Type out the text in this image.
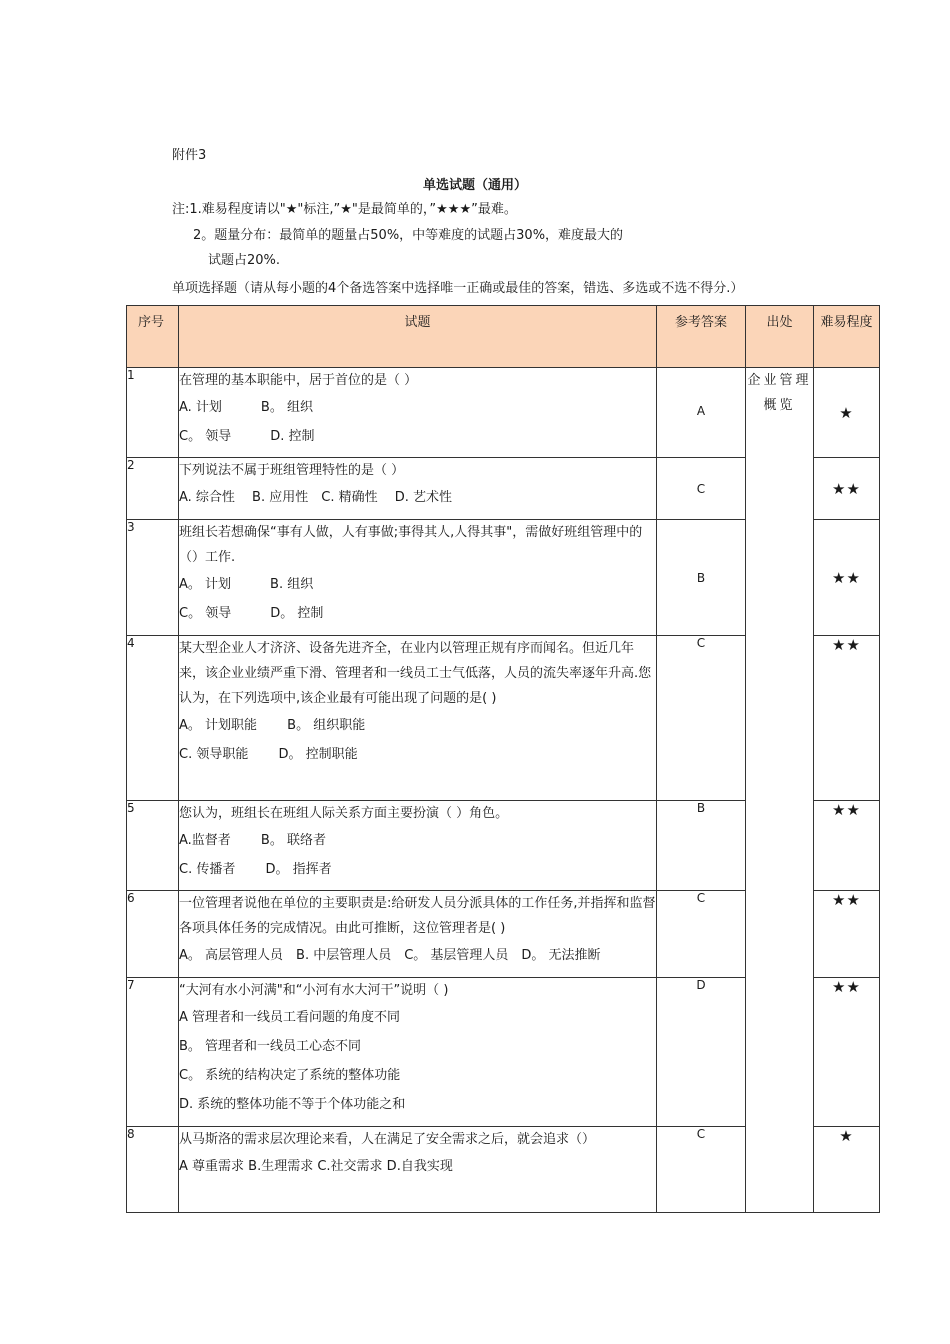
附件3
单选试题（通用）
注:1.难易程度请以"★"标注,”★"是最简单的，”★★★”最难。
2。题量分布：最简单的题量占50%，中等难度的试题占30%，难度最大的
试题占20%.
单项选择题（请从每小题的4个备选答案中选择唯一正确或最佳的答案，错选、多选或不选不得分.）
序号	试题	参考答案	出处	难易程度
1	在管理的基本职能中，居于首位的是（ ）
A. 计划　　　B。 组织
C。 领导　　　D. 控制	A	企业管理概览	★
2	下列说法不属于班组管理特性的是（ ）
A. 综合性　 B. 应用性　C. 精确性　 D. 艺术性	C		★★
3	班组长若想确保“事有人做，人有事做;事得其人,人得其事"，需做好班组管理中的（）工作.
A。 计划　　　B. 组织
C。 领导　　　D。 控制	B		★★
4	某大型企业人才济济、设备先进齐全，在业内以管理正规有序而闻名。但近几年来，该企业业绩严重下滑、管理者和一线员工士气低落，人员的流失率逐年升高.您认为，在下列选项中,该企业最有可能出现了问题的是( )
A。 计划职能　　 B。 组织职能
C. 领导职能　　 D。 控制职能	C		★★
5	您认为，班组长在班组人际关系方面主要扮演（ ）角色。
A.监督者　　 B。 联络者
C. 传播者　　 D。 指挥者	B		★★
6	一位管理者说他在单位的主要职责是:给研发人员分派具体的工作任务,并指挥和监督各项具体任务的完成情况。由此可推断，这位管理者是( )
A。 高层管理人员　B. 中层管理人员　C。 基层管理人员　D。 无法推断	C		★★
7	“大河有水小河满"和“小河有水大河干”说明（ )
A 管理者和一线员工看问题的角度不同
B。 管理者和一线员工心态不同
C。 系统的结构决定了系统的整体功能
D. 系统的整体功能不等于个体功能之和	D		★★
8	从马斯洛的需求层次理论来看，人在满足了安全需求之后，就会追求（）
A 尊重需求 B.生理需求 C.社交需求 D.自我实现	C		★
